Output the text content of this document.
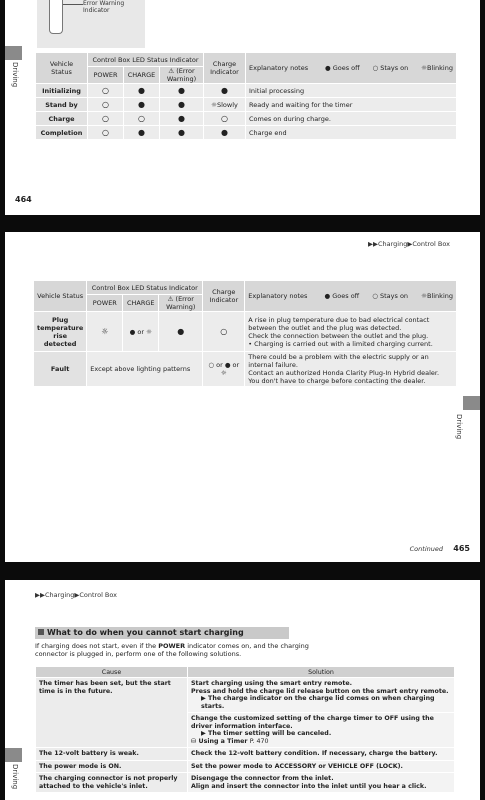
Error Warning
Indicator
Driving	Vehicle Status	Control Box LED Status Indicator			Charge Indicator	Explanatory notes ● Goes off ○ Stays on ☼Blinking

	POWER	CHARGE	⚠ (Error Warning)		
Initializing	○	●	●	●	Initial processing
Stand by	○	●	●	☼Slowly	Ready and waiting for the timer
Charge	○	○	●	○	Comes on during charge.
Completion	○	●	●	●	Charge end
464
▶▶Charging▶Control Box
Vehicle Status	Control Box LED Status Indicator			Charge Indicator	Explanatory notes ● Goes off ○ Stays on ☼Blinking

	POWER	CHARGE	⚠ (Error Warning)		
Plug temperature rise detected	☼	● or ☼	●	○	A rise in plug temperature due to bad electrical contact between the outlet and the plug was detected.
Check the connection between the outlet and the plug.
• Charging is carried out with a limited charging current.

Fault	Except above lighting patterns			○ or ● or ☼	There could be a problem with the electric supply or an internal failure.
Contact an authorized Honda Clarity Plug-In Hybrid dealer.
You don't have to charge before contacting the dealer.
Driving
Continued 465
▶▶Charging▶Control Box
What to do when you cannot start charging
If charging does not start, even if the POWER indicator comes on, and the charging connector is plugged in, perform one of the following solutions.
Cause	Solution
The timer has been set, but the start time is in the future.	Start charging using the smart entry remote.
Press and hold the charge lid release button on the smart entry remote.
▶ The charge indicator on the charge lid comes on when charging starts.

	Change the customized setting of the charge timer to OFF using the driver information interface.
▶ The timer setting will be canceled.
⛁ Using a Timer P. 470

The 12-volt battery is weak.	Check the 12-volt battery condition. If necessary, charge the battery.
The power mode is ON.	Set the power mode to ACCESSORY or VEHICLE OFF (LOCK).
The charging connector is not properly attached to the vehicle's inlet.	Disengage the connector from the inlet.
Align and insert the connector into the inlet until you hear a click.
Driving
